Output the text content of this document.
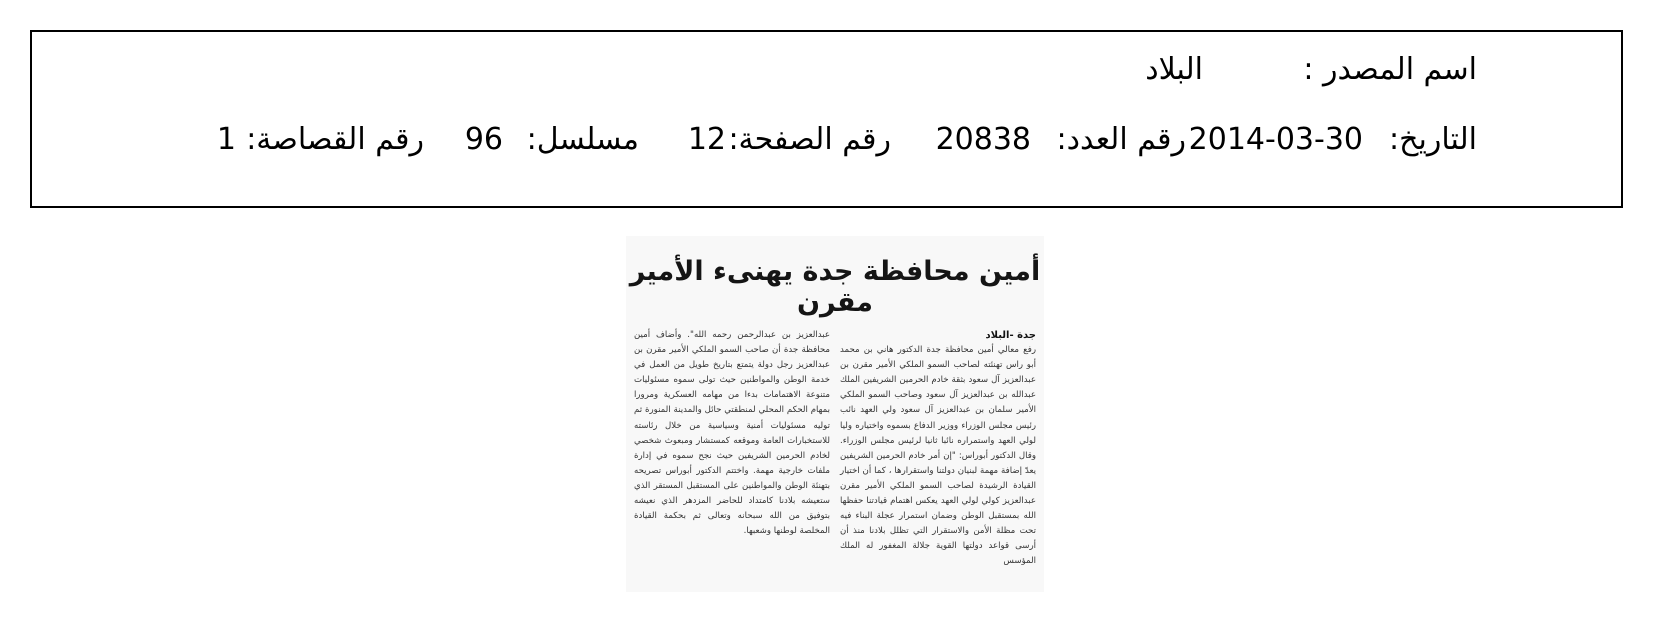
اسم المصدر :
البلاد
التاريخ:
2014-03-30
رقم العدد:
20838
رقم الصفحة:
12
مسلسل:
96
رقم القصاصة:
1
أمين محافظة جدة يهنىء الأمير مقرن
جدة -البلاد
رفع معالي أمين محافظة جدة الدكتور هاني بن محمد أبو راس تهنئته لصاحب السمو الملكي الأمير مقرن بن عبدالعزيز آل سعود بثقة خادم الحرمين الشريفين الملك عبدالله بن عبدالعزيز آل سعود وصاحب السمو الملكي الأمير سلمان بن عبدالعزيز آل سعود ولي العهد نائب رئيس مجلس الوزراء ووزير الدفاع بسموه واختياره وليا لولي العهد واستمراره نائبا ثانيا لرئيس مجلس الوزراء. وقال الدكتور أبوراس: "إن أمر خادم الحرمين الشريفين يعدّ إضافة مهمة لبنيان دولتنا واستقرارها ، كما أن اختيار القيادة الرشيدة لصاحب السمو الملكي الأمير مقرن عبدالعزيز كولي لولي العهد يعكس اهتمام قيادتنا حفظها الله بمستقبل الوطن وضمان استمرار عجلة البناء فيه تحت مظلة الأمن والاستقرار التي تظلل بلادنا منذ أن أرسى قواعد دولتها القوية جلالة المغفور له الملك المؤسس
عبدالعزيز بن عبدالرحمن رحمه الله". وأضاف أمين محافظة جدة أن صاحب السمو الملكي الأمير مقرن بن عبدالعزيز رجل دولة يتمتع بتاريخ طويل من العمل في خدمة الوطن والمواطنين حيث تولى سموه مسئوليات متنوعة الاهتمامات بدءا من مهامه العسكرية ومرورا بمهام الحكم المحلي لمنطقتي حائل والمدينة المنورة ثم توليه مسئوليات أمنية وسياسية من خلال رئاسته للاستخبارات العامة وموقعه كمستشار ومبعوث شخصي لخادم الحرمين الشريفين حيث نجح سموه في إدارة ملفات خارجية مهمة. واختتم الدكتور أبوراس تصريحه بتهنئة الوطن والمواطنين على المستقبل المستقر الذي ستعيشه بلادنا كامتداد للحاضر المزدهر الذي نعيشه بتوفيق من الله سبحانه وتعالى ثم بحكمة القيادة المخلصة لوطنها وشعبها.
